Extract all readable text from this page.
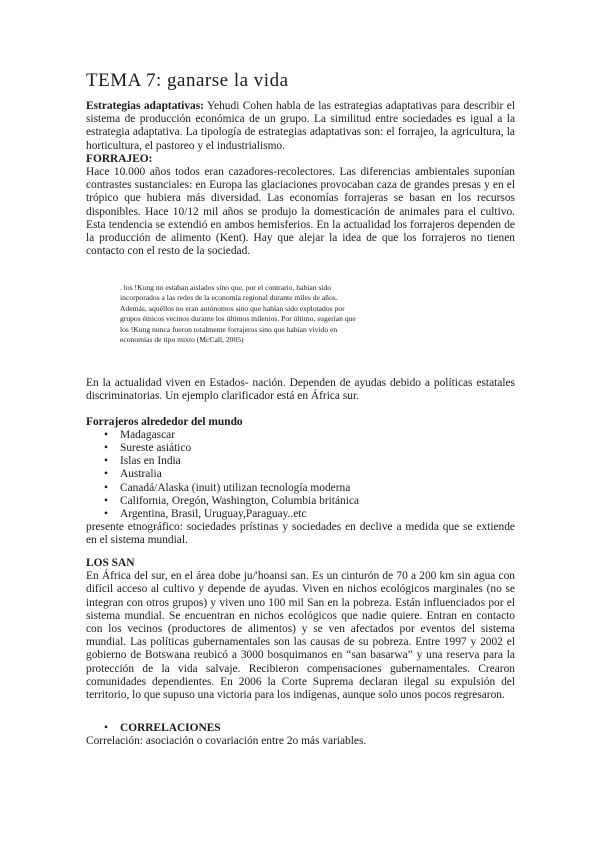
TEMA 7: ganarse la vida

Estrategias adaptativas: Yehudi Cohen habla de las estrategias adaptativas para describir el sistema de producción económica de un grupo. La similitud entre sociedades es igual a la estrategia adaptativa. La tipología de estrategias adaptativas son: el forrajeo, la agricultura, la horticultura, el pastoreo y el industrialismo.

FORRAJEO:

Hace 10.000 años todos eran cazadores-recolectores. Las diferencias ambientales suponían contrastes sustanciales: en Europa las glaciaciones provocaban caza de grandes presas y en el trópico que hubiera más diversidad. Las economías forrajeras se basan en los recursos disponibles. Hace 10/12 mil años se produjo la domesticación de animales para el cultivo. Esta tendencia se extendió en ambos hemisferios. En la actualidad los forrajeros dependen de la producción de alimento (Kent). Hay que alejar la idea de que los forrajeros no tienen contacto con el resto de la sociedad.

. los !Kung no estaban aislados sino que, por el contrario, habían sido incorporados a las redes de la economía regional durante miles de años. Además, aquéllos no eran autónomos sino que habían sido explotados por grupos étnicos vecinos durante los últimos milenios. Por último, sugerían que los !Kung nunca fueron totalmente forrajeros sino que habían vivido en economías de tipo mixto (McCall, 2005)

En la actualidad viven en Estados- nación. Dependen de ayudas debido a políticas estatales discriminatorias. Un ejemplo clarificador está en África sur.

Forrajeros alrededor del mundo

• Madagascar
• Sureste asiático
• Islas en India
• Australia
• Canadá/Alaska (inuit) utilizan tecnología moderna
• California, Oregón, Washington, Columbia británica
• Argentina, Brasil, Uruguay,Paraguay..etc

presente etnográfico: sociedades prístinas y sociedades en declive a medida que se extiende en el sistema mundial.

LOS SAN

En África del sur, en el área dobe ju/'hoansi san. Es un cinturón de 70 a 200 km sin agua con difícil acceso al cultivo y depende de ayudas. Viven en nichos ecológicos marginales (no se integran con otros grupos) y viven uno 100 mil San en la pobreza. Están influenciados por el sistema mundial. Se encuentran en nichos ecológicos que nadie quiere. Entran en contacto con los vecinos (productores de alimentos) y se ven afectados por eventos del sistema mundial. Las políticas gubernamentales son las causas de su pobreza. Entre 1997 y 2002 el gobierno de Botswana reubicó a 3000 bosquimanos en “san basarwa” y una reserva para la protección de la vida salvaje. Recibieron compensaciones gubernamentales. Crearon comunidades dependientes. En 2006 la Corte Suprema declaran ilegal su expulsión del territorio, lo que supuso una victoria para los indígenas, aunque solo unos pocos regresaron.

• CORRELACIONES

Correlación: asociación o covariación entre 2o más variables.
